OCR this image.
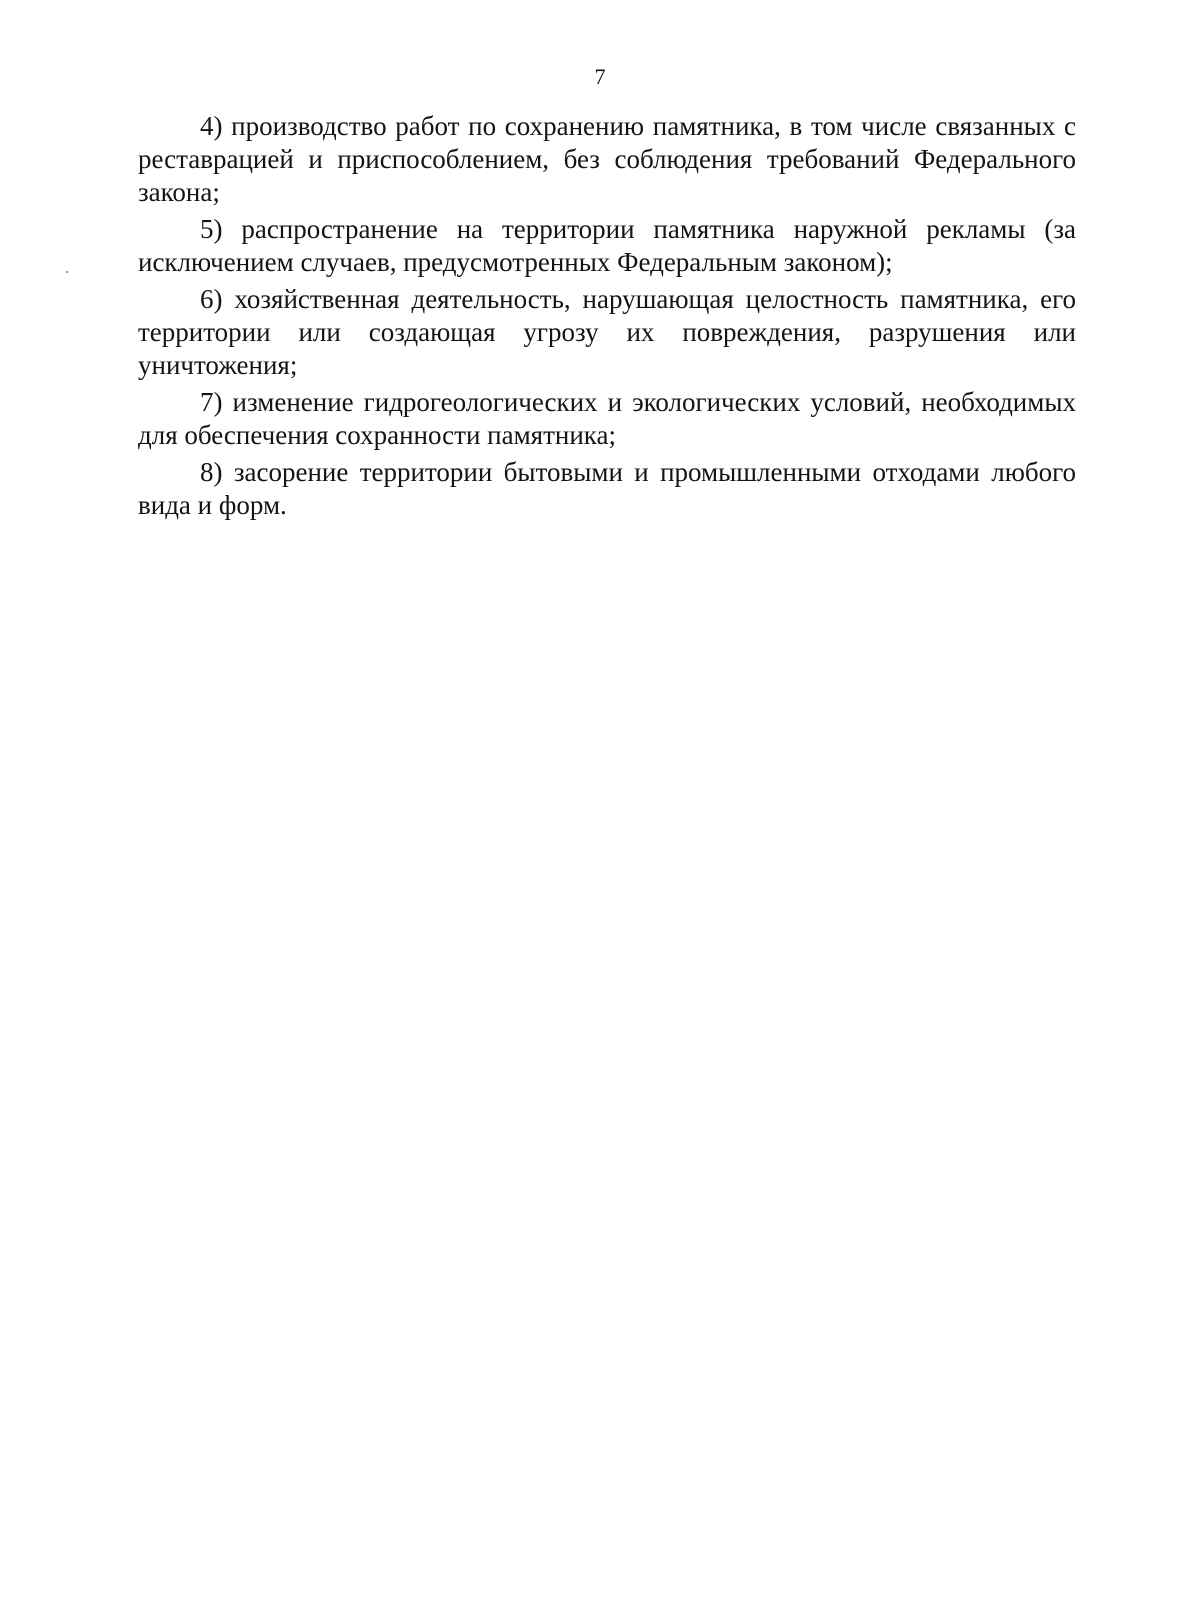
7

4) производство работ по сохранению памятника, в том числе связанных с реставрацией и приспособлением, без соблюдения требований Федерального закона;

5) распространение на территории памятника наружной рекламы (за исключением случаев, предусмотренных Федеральным законом);

6) хозяйственная деятельность, нарушающая целостность памятника, его территории или создающая угрозу их повреждения, разрушения или уничтожения;

7) изменение гидрогеологических и экологических условий, необходимых для обеспечения сохранности памятника;

8) засорение территории бытовыми и промышленными отходами любого вида и форм.
